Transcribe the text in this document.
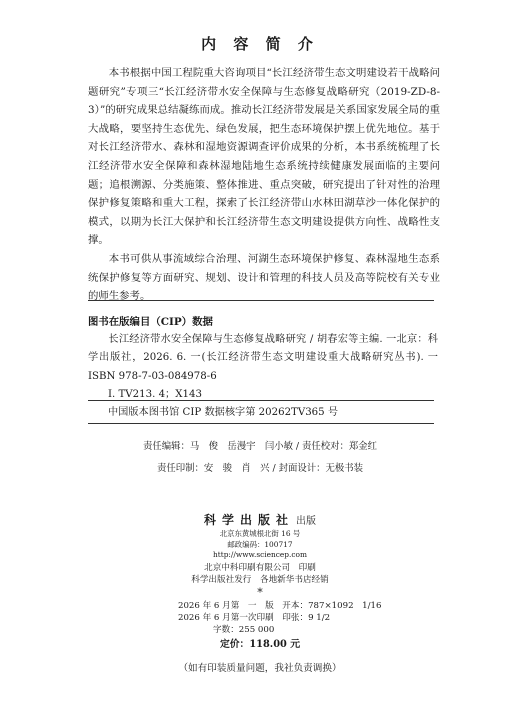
内 容 简 介

本书根据中国工程院重大咨询项目“长江经济带生态文明建设若干战略问题研究”专项三“长江经济带水安全保障与生态修复战略研究（2019-ZD-8-3）”的研究成果总结凝练而成。推动长江经济带发展是关系国家发展全局的重大战略，要坚持生态优先、绿色发展，把生态环境保护摆上优先地位。基于对长江经济带水、森林和湿地资源调查评价成果的分析，本书系统梳理了长江经济带水安全保障和森林湿地陆地生态系统持续健康发展面临的主要问题；追根溯源、分类施策、整体推进、重点突破，研究提出了针对性的治理保护修复策略和重大工程，探索了长江经济带山水林田湖草沙一体化保护的模式，以期为长江大保护和长江经济带生态文明建设提供方向性、战略性支撑。

本书可供从事流域综合治理、河湖生态环境保护修复、森林湿地生态系统保护修复等方面研究、规划、设计和管理的科技人员及高等院校有关专业的师生参考。

图书在版编目（CIP）数据

长江经济带水安全保障与生态修复战略研究 / 胡春宏等主编. 一北京：科学出版社，2026. 6. 一(长江经济带生态文明建设重大战略研究丛书). 一 ISBN 978-7-03-084978-6

Ⅰ. TV213. 4；X143
中国版本图书馆 CIP 数据核字第 20262TV365 号
责任编辑：马　俊　岳漫宇　闫小敏 / 责任校对：郑金红
责任印制：安　骏　肖　兴 / 封面设计：无极书装
科学出版社 出版
北京东黄城根北街 16 号
邮政编码：100717
http://www.sciencep.com
北京中科印刷有限公司　印刷
科学出版社发行　各地新华书店经销
*
2026 年 6 月第　一　版　开本：787×1092　1/16
2026 年 6 月第一次印刷　印张：9 1/2
字数：255 000
定价：118.00 元
（如有印装质量问题，我社负责调换）
